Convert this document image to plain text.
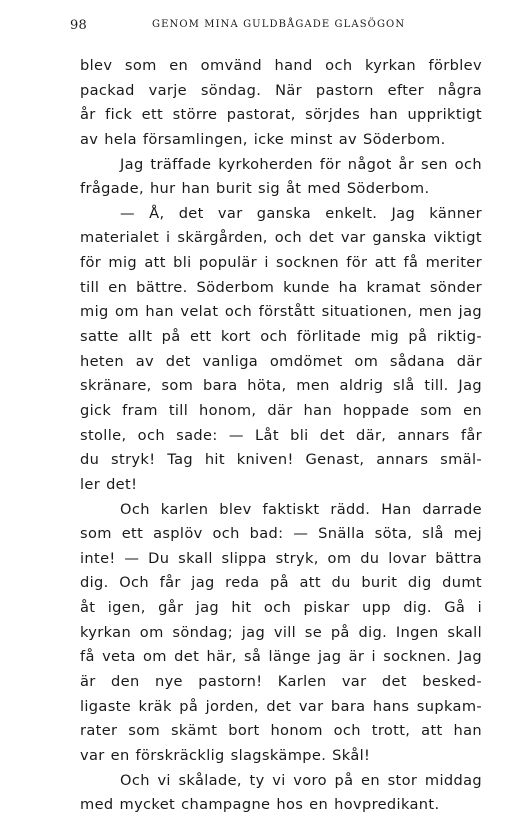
98	GENOM MINA GULDBÅGADE GLASÖGON
blev som en omvänd hand och kyrkan förblev
packad varje söndag. När pastorn efter några
år fick ett större pastorat, sörjdes han uppriktigt
av hela församlingen, icke minst av Söderbom.
Jag träffade kyrkoherden för något år sen och
frågade, hur han burit sig åt med Söderbom.
— Å, det var ganska enkelt. Jag känner
materialet i skärgården, och det var ganska viktigt
för mig att bli populär i socknen för att få meriter
till en bättre. Söderbom kunde ha kramat sönder
mig om han velat och förstått situationen, men jag
satte allt på ett kort och förlitade mig på riktig-
heten av det vanliga omdömet om sådana där
skränare, som bara höta, men aldrig slå till. Jag
gick fram till honom, där han hoppade som en
stolle, och sade: — Låt bli det där, annars får
du stryk! Tag hit kniven! Genast, annars smäl-
ler det!
Och karlen blev faktiskt rädd. Han darrade
som ett asplöv och bad: — Snälla söta, slå mej
inte! — Du skall slippa stryk, om du lovar bättra
dig. Och får jag reda på att du burit dig dumt
åt igen, går jag hit och piskar upp dig. Gå i
kyrkan om söndag; jag vill se på dig. Ingen skall
få veta om det här, så länge jag är i socknen. Jag
är den nye pastorn! Karlen var det besked-
ligaste kräk på jorden, det var bara hans supkam-
rater som skämt bort honom och trott, att han
var en förskräcklig slagskämpe. Skål!
Och vi skålade, ty vi voro på en stor middag
med mycket champagne hos en hovpredikant.
